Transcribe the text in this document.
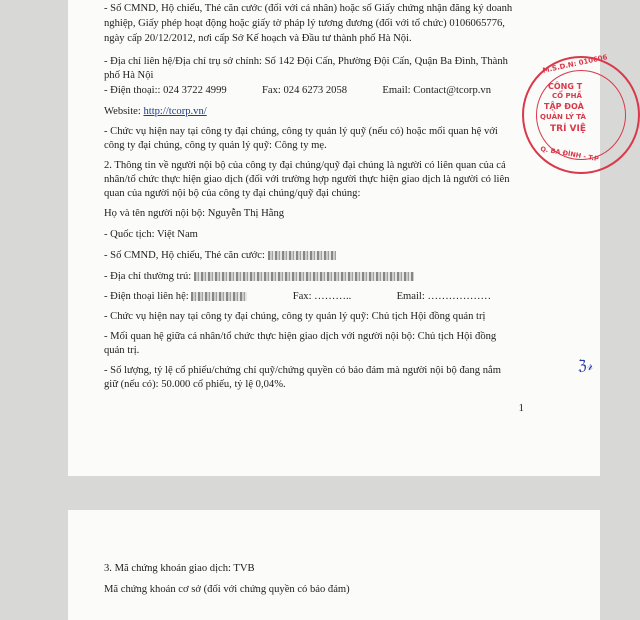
- Số CMND, Hộ chiếu, Thẻ căn cước (đối với cá nhân) hoặc số Giấy chứng nhận đăng ký doanh
nghiệp, Giấy phép hoạt động hoặc giấy tờ pháp lý tương đương (đối với tổ chức) 0106065776,
ngày cấp 20/12/2012, nơi cấp Sở Kế hoạch và Đầu tư thành phố Hà Nội.
- Địa chỉ liên hệ/Địa chỉ trụ sở chính: Số 142 Đội Cấn, Phường Đội Cấn, Quận Ba Đình, Thành
phố Hà Nội
- Điện thoại:: 024 3722 4999	Fax: 024 6273 2058	Email: Contact@tcorp.vn
Website: http://tcorp.vn/
- Chức vụ hiện nay tại công ty đại chúng, công ty quản lý quỹ (nếu có) hoặc mối quan hệ với
công ty đại chúng, công ty quản lý quỹ: Công ty mẹ.
2. Thông tin về người nội bộ của công ty đại chúng/quỹ đại chúng là người có liên quan của cá
nhân/tổ chức thực hiện giao dịch (đối với trường hợp người thực hiện giao dịch là người có liên
quan của người nội bộ của công ty đại chúng/quỹ đại chúng:
Họ và tên người nội bộ: Nguyễn Thị Hằng
- Quốc tịch: Việt Nam
- Số CMND, Hộ chiếu, Thẻ căn cước:
- Địa chỉ thường trú:
- Điện thoại liên hệ:	Fax: ………..	Email: ………………
- Chức vụ hiện nay tại công ty đại chúng, công ty quản lý quỹ: Chủ tịch Hội đồng quản trị
- Mối quan hệ giữa cá nhân/tổ chức thực hiện giao dịch với người nội bộ: Chủ tịch Hội đồng
quản trị.
- Số lượng, tỷ lệ cổ phiếu/chứng chỉ quỹ/chứng quyền có bảo đảm mà người nội bộ đang nắm
giữ (nếu có): 50.000 cổ phiếu, tỷ lệ 0,04%.
ℨ𝓇
1
M.S.D.N: 010606
CÔNG T
CỔ PHẦ
TẬP ĐOÀ
QUẢN LÝ TÀ
TRÍ VIỆ
Q. BA ĐÌNH - T.P
3. Mã chứng khoán giao dịch: TVB
Mã chứng khoán cơ sở (đối với chứng quyền có bảo đảm)
